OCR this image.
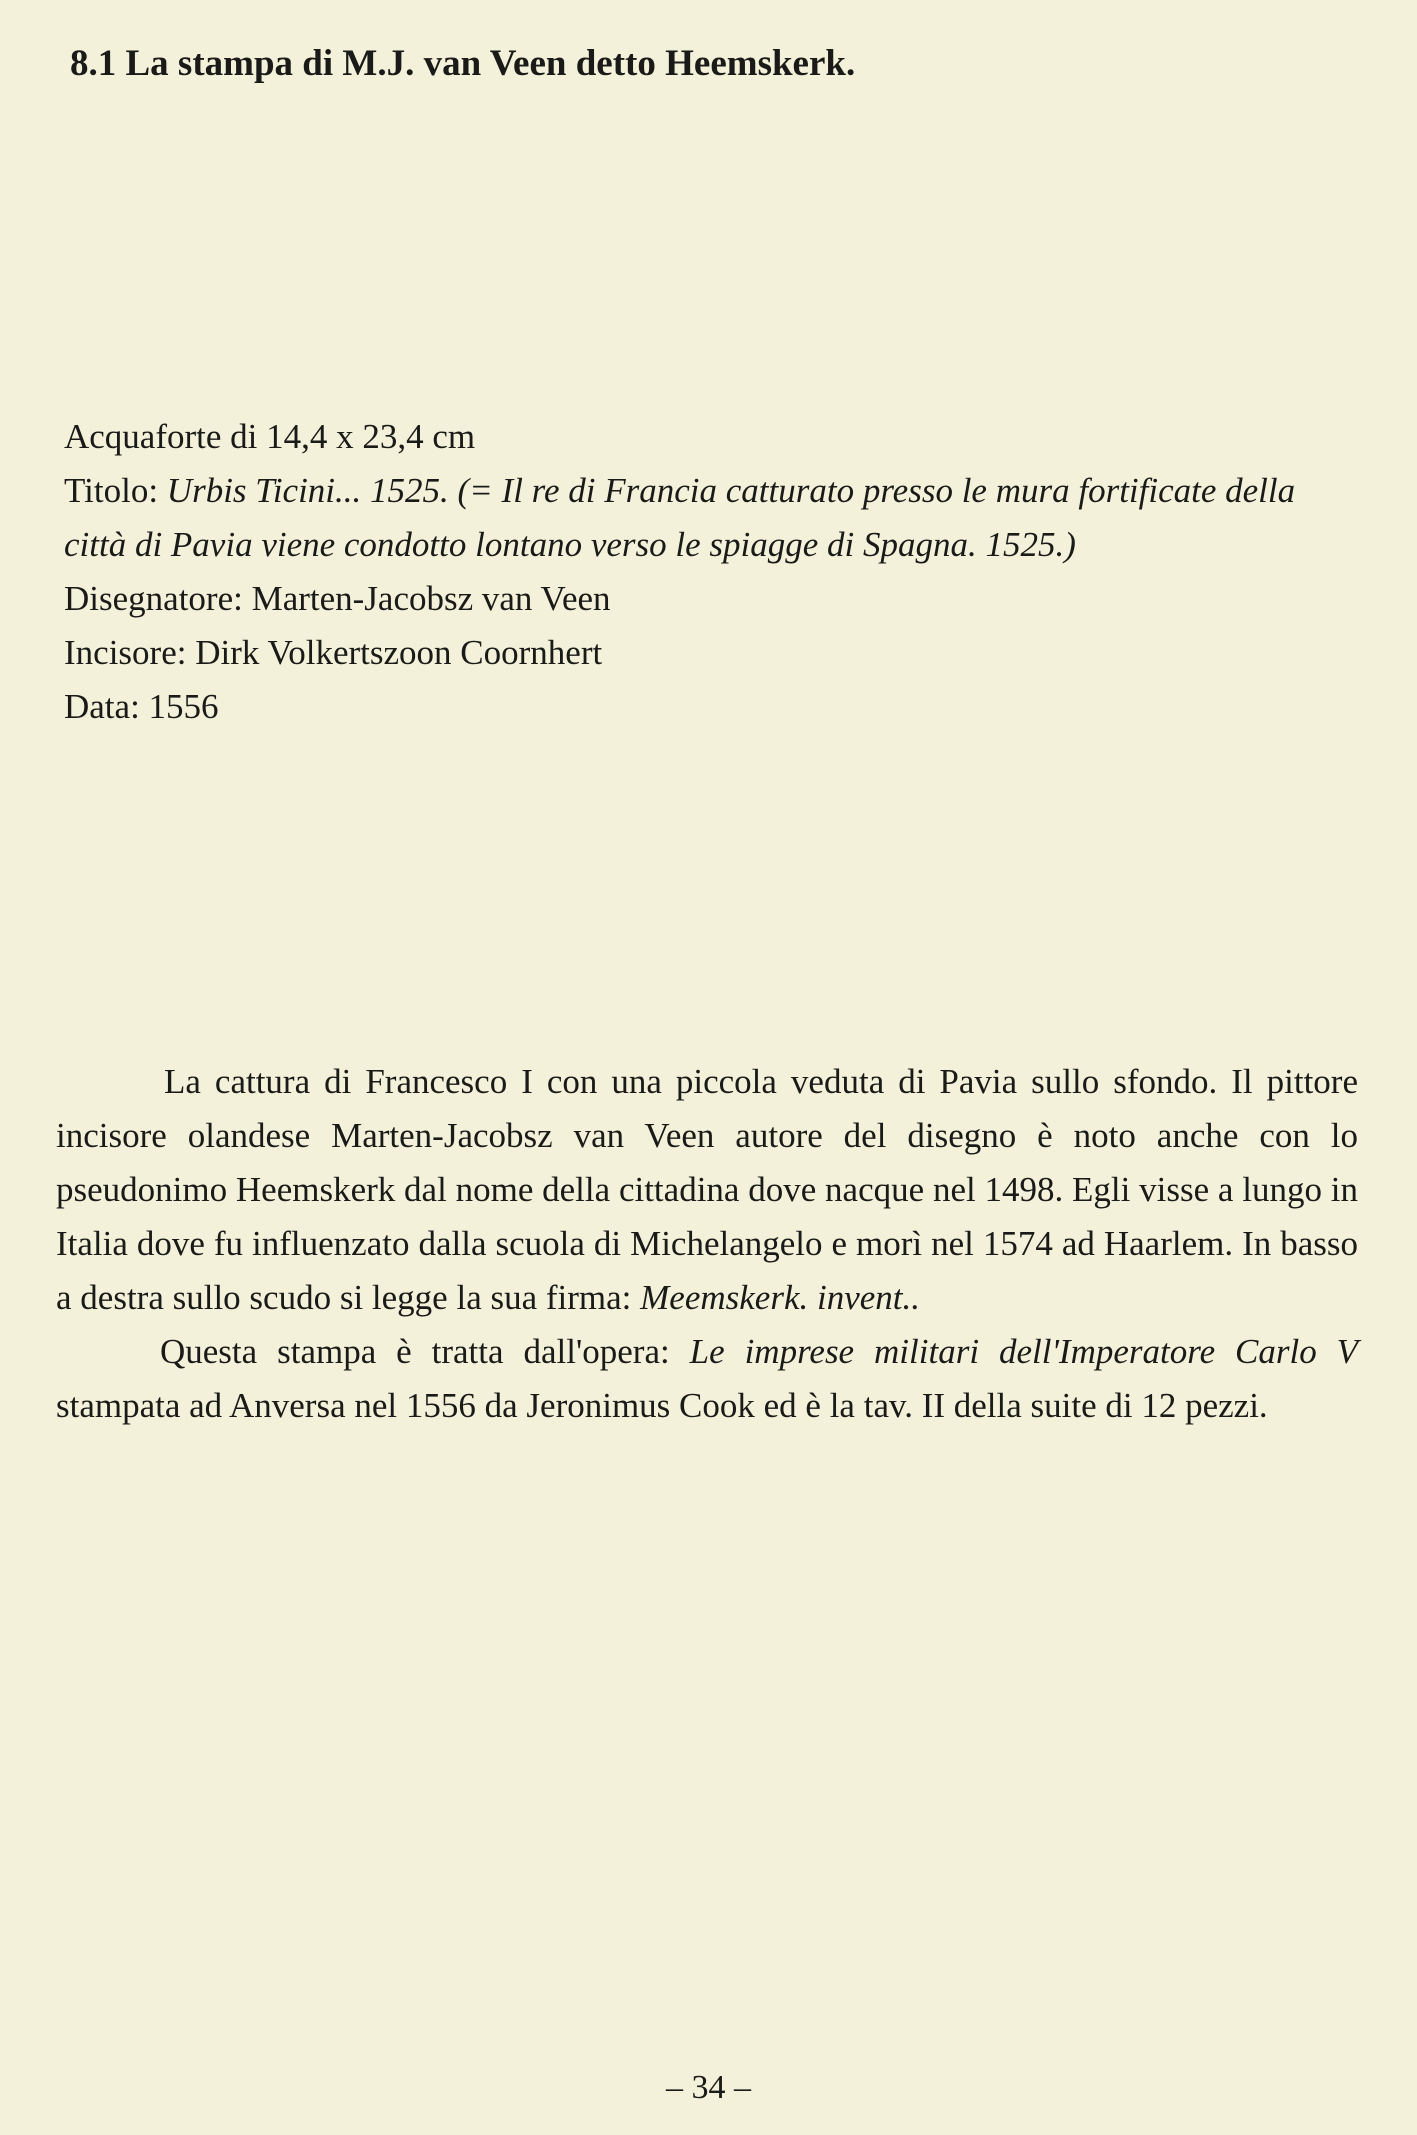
8.1 La stampa di M.J. van Veen detto Heemskerk.
Acquaforte di 14,4 x 23,4 cm
Titolo: Urbis Ticini... 1525. (= Il re di Francia catturato presso le mura fortificate della città di Pavia viene condotto lontano verso le spiagge di Spagna. 1525.)
Disegnatore: Marten-Jacobsz van Veen
Incisore: Dirk Volkertszoon Coornhert
Data: 1556

La cattura di Francesco I con una piccola veduta di Pavia sullo sfondo. Il pittore incisore olandese Marten-Jacobsz van Veen autore del disegno è noto anche con lo pseudonimo Heemskerk dal nome della cittadina dove nacque nel 1498. Egli visse a lungo in Italia dove fu influenzato dalla scuola di Michelangelo e morì nel 1574 ad Haarlem. In basso a destra sullo scudo si legge la sua firma: Meemskerk. invent..

Questa stampa è tratta dall'opera: Le imprese militari dell'Imperatore Carlo V stampata ad Anversa nel 1556 da Jeronimus Cook ed è la tav. II della suite di 12 pezzi.

– 34 –
